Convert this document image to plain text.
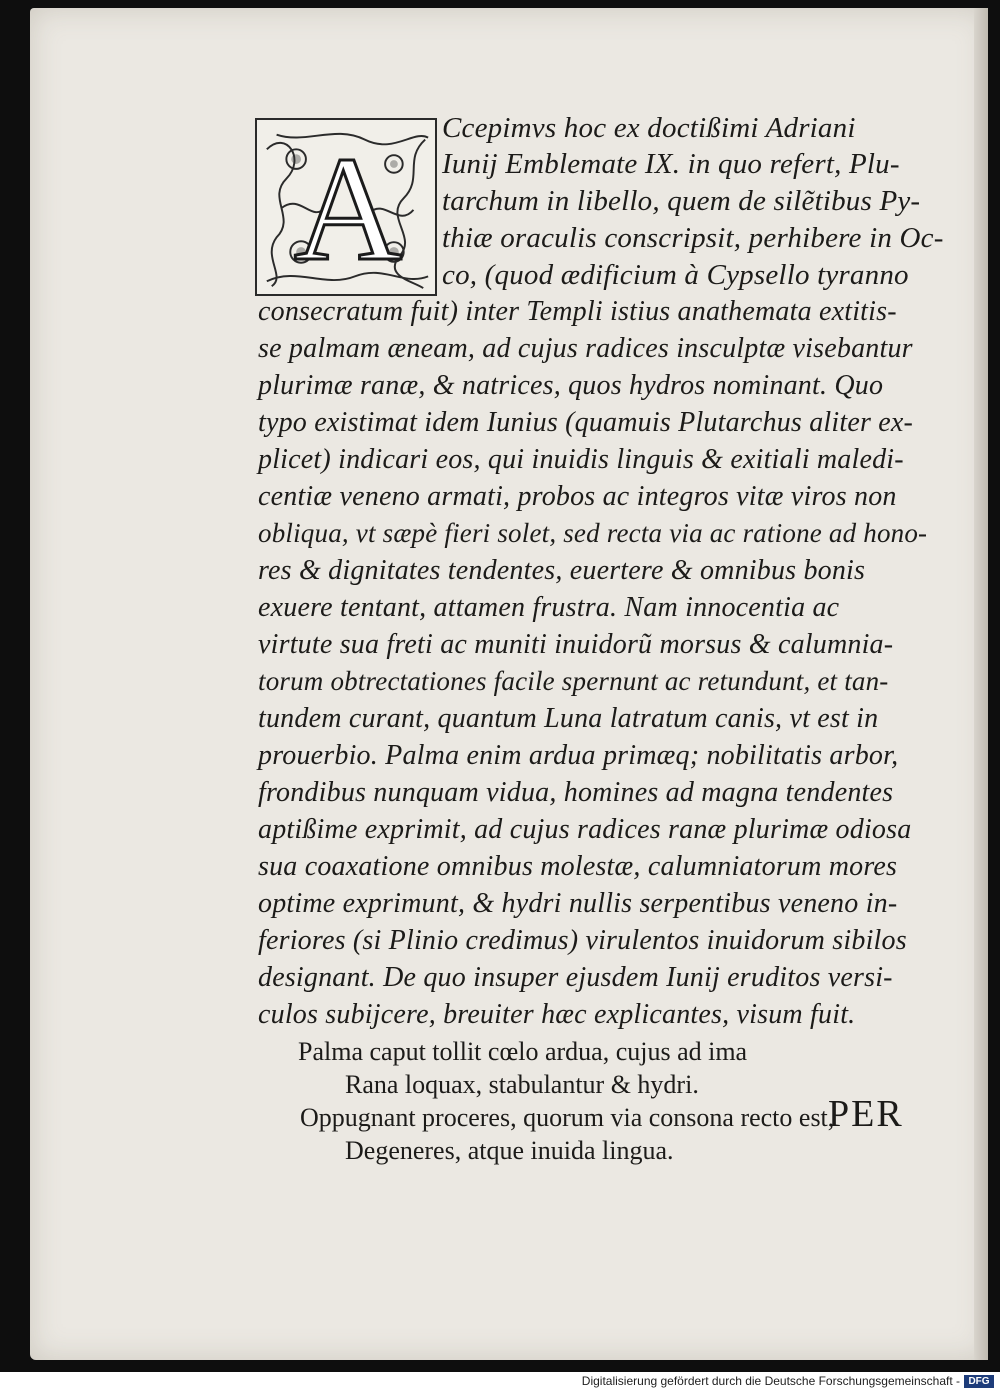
A	Ccepimvs hoc ex doctißimi Adriani
Iunij Emblemate IX. in quo refert, Plu-
tarchum in libello, quem de silẽtibus Py-
thiæ oraculis conscripsit, perhibere in Oc-
co, (quod ædificium à Cypsello tyranno
consecratum fuit) inter Templi istius anathemata extitis-
se palmam æneam, ad cujus radices insculptæ visebantur
plurimæ ranæ, & natrices, quos hydros nominant. Quo
typo existimat idem Iunius (quamuis Plutarchus aliter ex-
plicet) indicari eos, qui inuidis linguis & exitiali maledi-
centiæ veneno armati, probos ac integros vitæ viros non
obliqua, vt sæpè fieri solet, sed recta via ac ratione ad hono-
res & dignitates tendentes, euertere & omnibus bonis
exuere tentant, attamen frustra. Nam innocentia ac
virtute sua freti ac muniti inuidorũ morsus & calumnia-
torum obtrectationes facile spernunt ac retundunt, et tan-
tundem curant, quantum Luna latratum canis, vt est in
prouerbio. Palma enim ardua primæq; nobilitatis arbor,
frondibus nunquam vidua, homines ad magna tendentes
aptißime exprimit, ad cujus radices ranæ plurimæ odiosa
sua coaxatione omnibus molestæ, calumniatorum mores
optime exprimunt, & hydri nullis serpentibus veneno in-
feriores (si Plinio credimus) virulentos inuidorum sibilos
designant. De quo insuper ejusdem Iunij eruditos versi-
culos subijcere, breuiter hæc explicantes, visum fuit.
Palma caput tollit cœlo ardua, cujus ad ima
Rana loquax, stabulantur & hydri.
Oppugnant proceres, quorum via consona recto est,
Degeneres, atque inuida lingua.
PER
Digitalisierung gefördert durch die Deutsche Forschungsgemeinschaft - DFG
